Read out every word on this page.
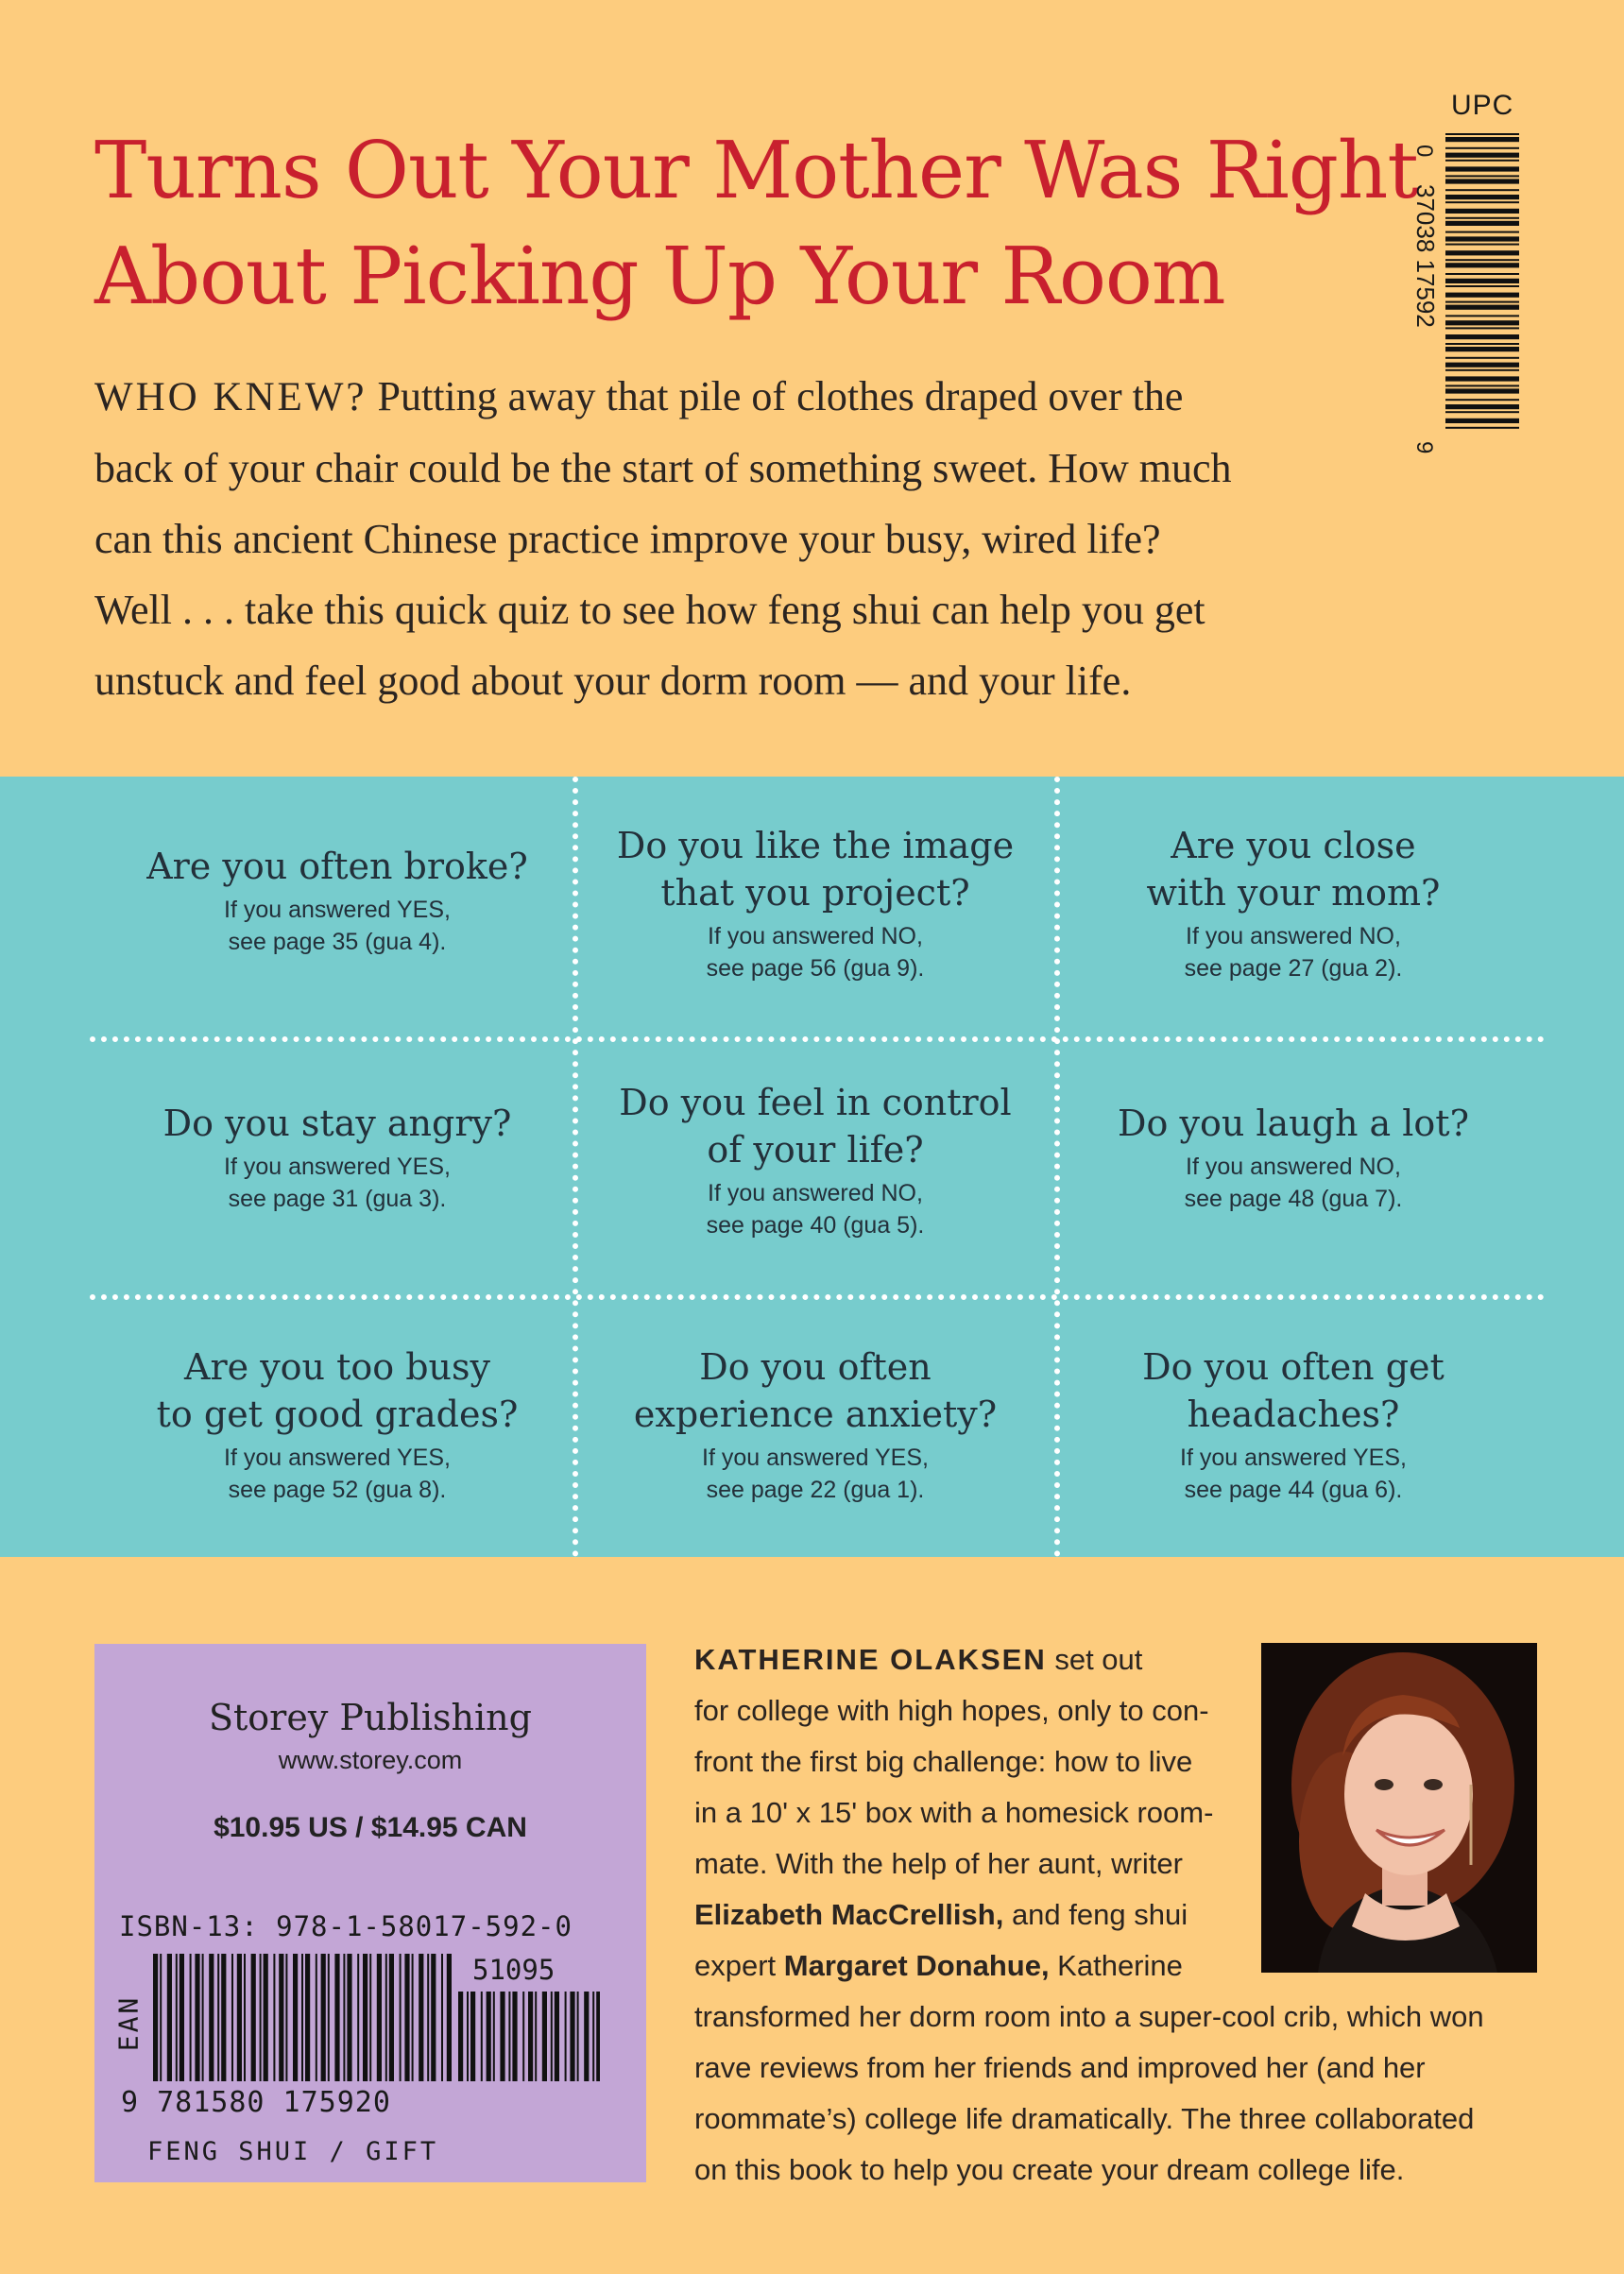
Turns Out Your Mother Was Right
About Picking Up Your Room
WHO KNEW? Putting away that pile of clothes draped over the
back of your chair could be the start of something sweet. How much
can this ancient Chinese practice improve your busy, wired life?
Well . . . take this quick quiz to see how feng shui can help you get
unstuck and feel good about your dorm room — and your life.
UPC
0
37038 17592
9
Are you often broke?
If you answered YES,
see page 35 (gua 4).
Do you like the image
that you project?
If you answered NO,
see page 56 (gua 9).
Are you close
with your mom?
If you answered NO,
see page 27 (gua 2).
Do you stay angry?
If you answered YES,
see page 31 (gua 3).
Do you feel in control
of your life?
If you answered NO,
see page 40 (gua 5).
Do you laugh a lot?
If you answered NO,
see page 48 (gua 7).
Are you too busy
to get good grades?
If you answered YES,
see page 52 (gua 8).
Do you often
experience anxiety?
If you answered YES,
see page 22 (gua 1).
Do you often get
headaches?
If you answered YES,
see page 44 (gua 6).
Storey Publishing
www.storey.com
$10.95 US / $14.95 CAN
ISBN-13: 978-1-58017-592-0
EAN
51095
9 781580 175920
FENG SHUI / GIFT
KATHERINE OLAKSEN set out
for college with high hopes, only to con-
front the first big challenge: how to live
in a 10' x 15' box with a homesick room-
mate. With the help of her aunt, writer
Elizabeth MacCrellish, and feng shui
expert Margaret Donahue, Katherine
transformed her dorm room into a super-cool crib, which won
rave reviews from her friends and improved her (and her
roommate’s) college life dramatically. The three collaborated
on this book to help you create your dream college life.
